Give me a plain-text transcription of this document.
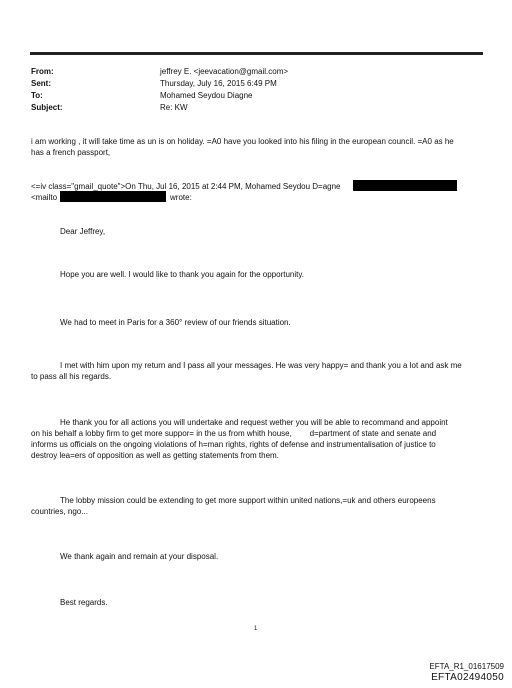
From:	jeffrey E. <jeevacation@gmail.com>
Sent:	Thursday, July 16, 2015 6:49 PM
To:	Mohamed Seydou Diagne
Subject:	Re: KW
i am working , it will take time as un is on holiday. =A0 have you looked into his filing in the european council. =A0 as he
has a french passport,
<=iv class="gmail_quote">On Thu, Jul 16, 2015 at 2:44 PM, Mohamed Seydou D=agne
<mailto	wrote:
Dear Jeffrey,
Hope you are well. I would like to thank you again for the opportunity.
We had to meet in Paris for a 360° review of our friends situation.
I met with him upon my return and I pass all your messages. He was very happy= and thank you a lot and ask me
to pass all his regards.
He thank you for all actions you will undertake and request wether you will be able to recommand and appoint
on his behalf a lobby firm to get more suppor= in the us from whith house,        d=partment of state and senate and
informs us officials on the ongoing violations of h=man rights, rights of defense and instrumentalisation of justice to
destroy lea=ers of opposition as well as getting statements from them.
The lobby mission could be extending to get more support within united nations,=uk and others europeens
countries, ngo...
We thank again and remain at your disposal.
Best regards.
1
EFTA_R1_01617509
EFTA02494050
